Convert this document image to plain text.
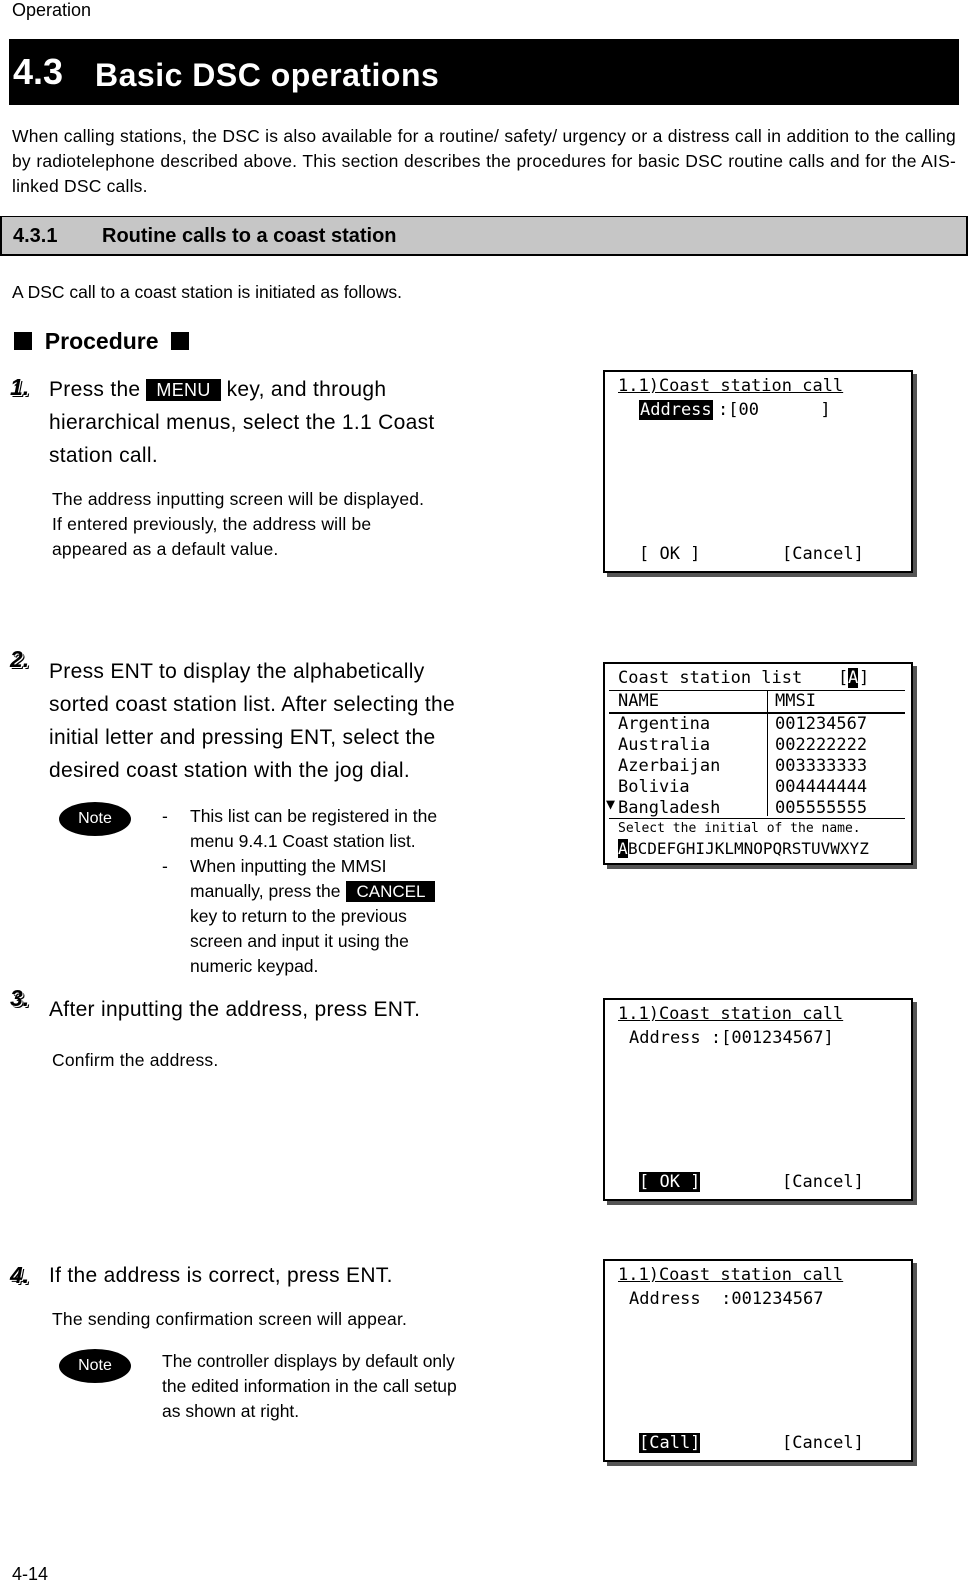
Operation
4.3 Basic DSC operations
When calling stations, the DSC is also available for a routine/ safety/ urgency or a distress call in addition to the calling by radiotelephone described above. This section describes the procedures for basic DSC routine calls and for the AIS-linked DSC calls.
4.3.1 Routine calls to a coast station
A DSC call to a coast station is initiated as follows.
Procedure
1. Press the MENU key, and through
hierarchical menus, select the 1.1 Coast
station call.
The address inputting screen will be displayed.
If entered previously, the address will be
appeared as a default value.
1.1)Coast station call
Address :[00      ]
[ OK ]	[Cancel]
2. Press ENT to display the alphabetically
sorted coast station list. After selecting the
initial letter and pressing ENT, select the
desired coast station with the jog dial.
Note	- This list can be registered in the
menu 9.4.1 Coast station list.
- When inputting the MMSI
manually, press the CANCEL
key to return to the previous
screen and input it using the
numeric keypad.
Coast station list [ A ]
NAME	MMSI
Argentina	001234567
Australia	002222222
Azerbaijan	003333333
Bolivia	004444444
▼ Bangladesh	005555555
Select the initial of the name.
A BCDEFGHIJKLMNOPQRSTUVWXYZ
3. After inputting the address, press ENT.
Confirm the address.
1.1)Coast station call
Address :[001234567]
[ OK ]	[Cancel]
4. If the address is correct, press ENT.
The sending confirmation screen will appear.
Note	The controller displays by default only
the edited information in the call setup
as shown at right.
1.1)Coast station call
Address  :001234567
[Call]	[Cancel]
4-14
